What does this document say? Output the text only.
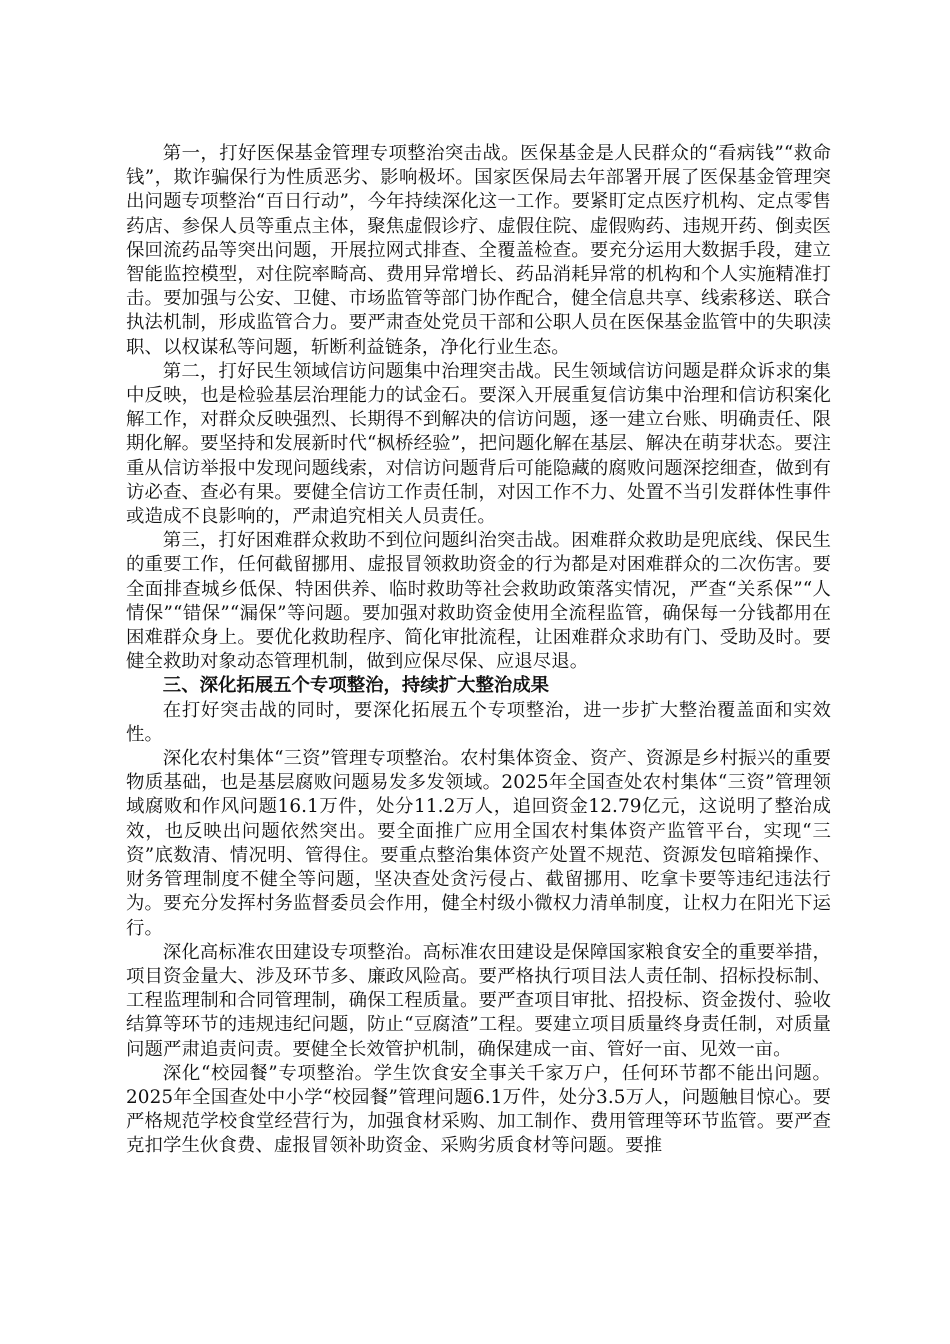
第一，打好医保基金管理专项整治突击战。医保基金是人民群众的“看病钱”“救命钱”，欺诈骗保行为性质恶劣、影响极坏。国家医保局去年部署开展了医保基金管理突出问题专项整治“百日行动”，今年持续深化这一工作。要紧盯定点医疗机构、定点零售药店、参保人员等重点主体，聚焦虚假诊疗、虚假住院、虚假购药、违规开药、倒卖医保回流药品等突出问题，开展拉网式排查、全覆盖检查。要充分运用大数据手段，建立智能监控模型，对住院率畸高、费用异常增长、药品消耗异常的机构和个人实施精准打击。要加强与公安、卫健、市场监管等部门协作配合，健全信息共享、线索移送、联合执法机制，形成监管合力。要严肃查处党员干部和公职人员在医保基金监管中的失职渎职、以权谋私等问题，斩断利益链条，净化行业生态。

第二，打好民生领域信访问题集中治理突击战。民生领域信访问题是群众诉求的集中反映，也是检验基层治理能力的试金石。要深入开展重复信访集中治理和信访积案化解工作，对群众反映强烈、长期得不到解决的信访问题，逐一建立台账、明确责任、限期化解。要坚持和发展新时代“枫桥经验”，把问题化解在基层、解决在萌芽状态。要注重从信访举报中发现问题线索，对信访问题背后可能隐藏的腐败问题深挖细查，做到有访必查、查必有果。要健全信访工作责任制，对因工作不力、处置不当引发群体性事件或造成不良影响的，严肃追究相关人员责任。

第三，打好困难群众救助不到位问题纠治突击战。困难群众救助是兜底线、保民生的重要工作，任何截留挪用、虚报冒领救助资金的行为都是对困难群众的二次伤害。要全面排查城乡低保、特困供养、临时救助等社会救助政策落实情况，严查“关系保”“人情保”“错保”“漏保”等问题。要加强对救助资金使用全流程监管，确保每一分钱都用在困难群众身上。要优化救助程序、简化审批流程，让困难群众求助有门、受助及时。要健全救助对象动态管理机制，做到应保尽保、应退尽退。

三、深化拓展五个专项整治，持续扩大整治成果

在打好突击战的同时，要深化拓展五个专项整治，进一步扩大整治覆盖面和实效性。

深化农村集体“三资”管理专项整治。农村集体资金、资产、资源是乡村振兴的重要物质基础，也是基层腐败问题易发多发领域。2025年全国查处农村集体“三资”管理领域腐败和作风问题16.1万件，处分11.2万人，追回资金12.79亿元，这说明了整治成效，也反映出问题依然突出。要全面推广应用全国农村集体资产监管平台，实现“三资”底数清、情况明、管得住。要重点整治集体资产处置不规范、资源发包暗箱操作、财务管理制度不健全等问题，坚决查处贪污侵占、截留挪用、吃拿卡要等违纪违法行为。要充分发挥村务监督委员会作用，健全村级小微权力清单制度，让权力在阳光下运行。

深化高标准农田建设专项整治。高标准农田建设是保障国家粮食安全的重要举措，项目资金量大、涉及环节多、廉政风险高。要严格执行项目法人责任制、招标投标制、工程监理制和合同管理制，确保工程质量。要严查项目审批、招投标、资金拨付、验收结算等环节的违规违纪问题，防止“豆腐渣”工程。要建立项目质量终身责任制，对质量问题严肃追责问责。要健全长效管护机制，确保建成一亩、管好一亩、见效一亩。

深化“校园餐”专项整治。学生饮食安全事关千家万户，任何环节都不能出问题。2025年全国查处中小学“校园餐”管理问题6.1万件，处分3.5万人，问题触目惊心。要严格规范学校食堂经营行为，加强食材采购、加工制作、费用管理等环节监管。要严查克扣学生伙食费、虚报冒领补助资金、采购劣质食材等问题。要推
